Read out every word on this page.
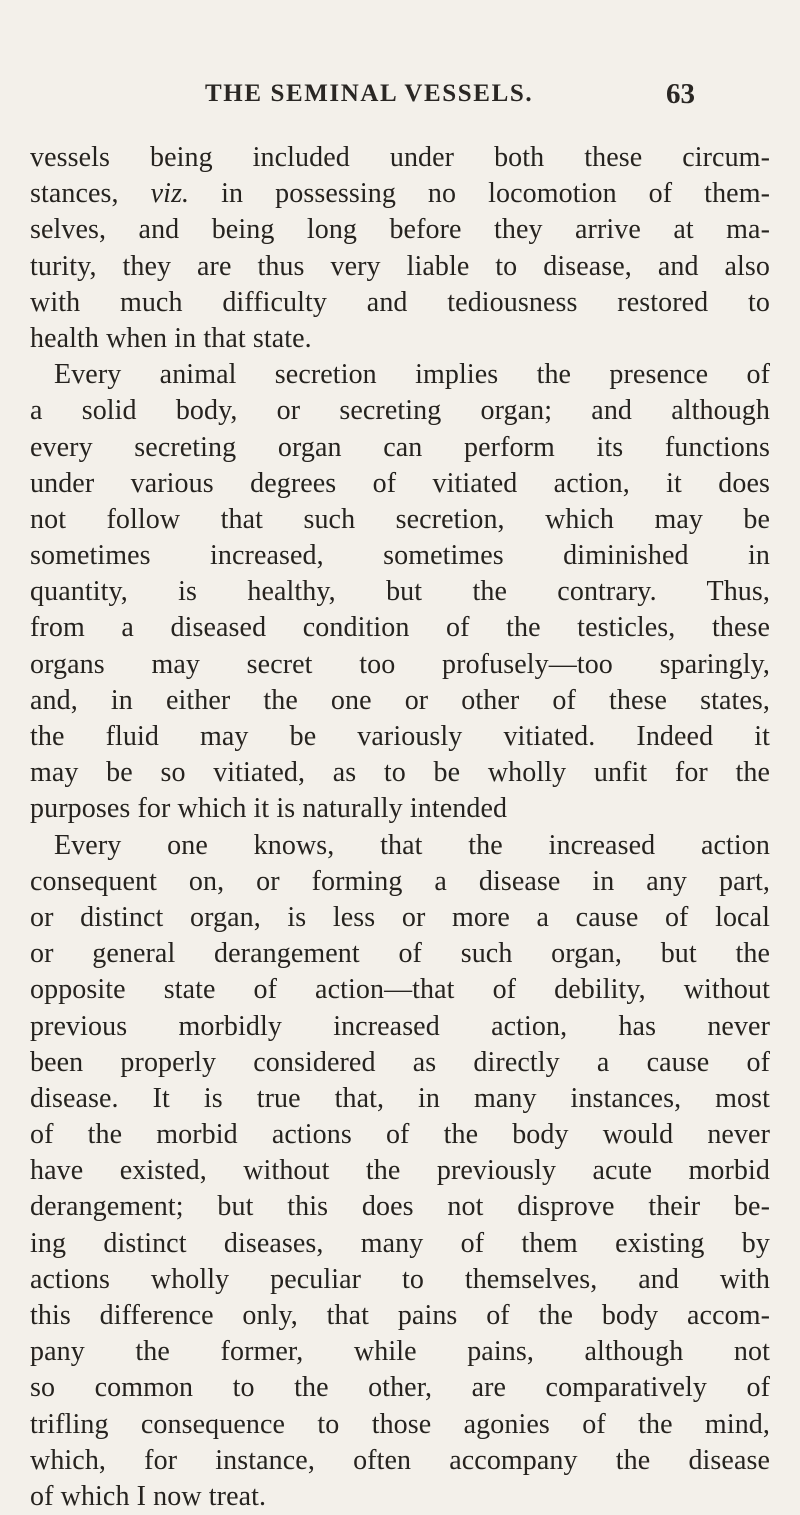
THE SEMINAL VESSELS.	63
vessels being included under both these circum-
stances, viz. in possessing no locomotion of them-
selves, and being long before they arrive at ma-
turity, they are thus very liable to disease, and also
with much difficulty and tediousness restored to
health when in that state.
Every animal secretion implies the presence of
a solid body, or secreting organ; and although
every secreting organ can perform its functions
under various degrees of vitiated action, it does
not follow that such secretion, which may be
sometimes increased, sometimes diminished in
quantity, is healthy, but the contrary. Thus,
from a diseased condition of the testicles, these
organs may secret too profusely—too sparingly,
and, in either the one or other of these states,
the fluid may be variously vitiated. Indeed it
may be so vitiated, as to be wholly unfit for the
purposes for which it is naturally intended
Every one knows, that the increased action
consequent on, or forming a disease in any part,
or distinct organ, is less or more a cause of local
or general derangement of such organ, but the
opposite state of action—that of debility, without
previous morbidly increased action, has never
been properly considered as directly a cause of
disease. It is true that, in many instances, most
of the morbid actions of the body would never
have existed, without the previously acute morbid
derangement; but this does not disprove their be-
ing distinct diseases, many of them existing by
actions wholly peculiar to themselves, and with
this difference only, that pains of the body accom-
pany the former, while pains, although not
so common to the other, are comparatively of
trifling consequence to those agonies of the mind,
which, for instance, often accompany the disease
of which I now treat.
